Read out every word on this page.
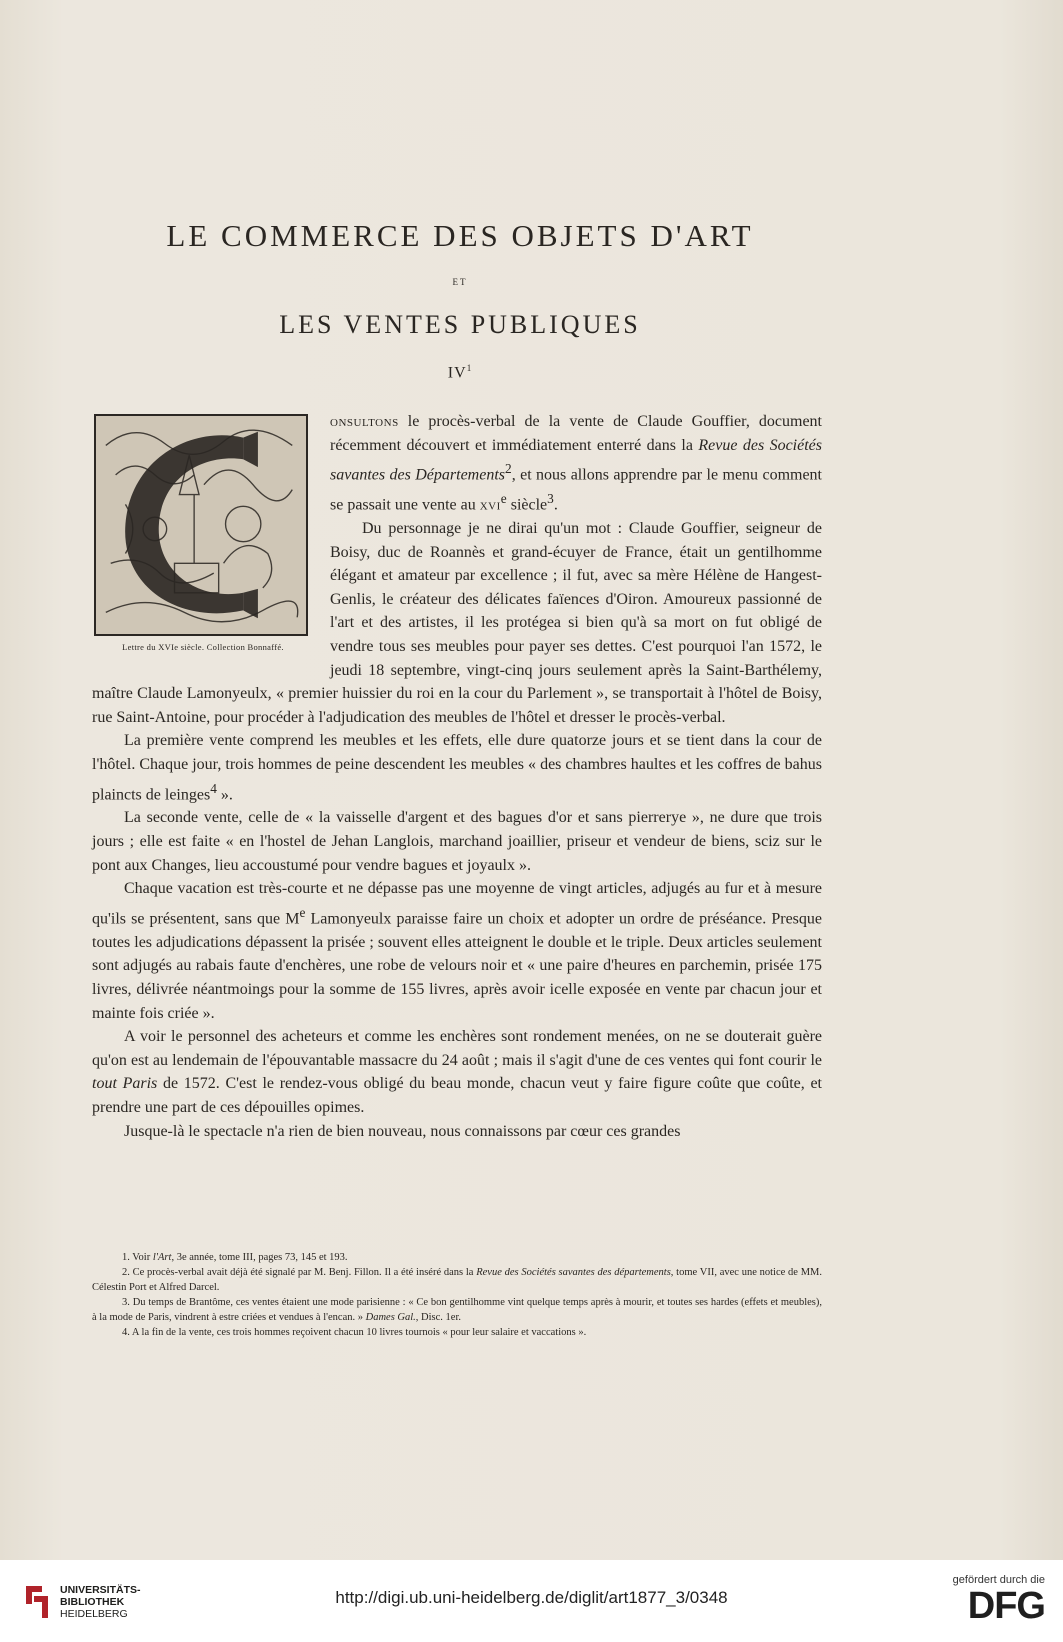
LE COMMERCE DES OBJETS D'ART
ET
LES VENTES PUBLIQUES
$IV^1$
Lettre du XVIe siècle. Collection Bonnaffé.

onsultons le procès-verbal de la vente de Claude Gouffier, document récemment découvert et immédiatement enterré dans la Revue des Sociétés savantes des Départements$^2$, et nous allons apprendre par le menu comment se passait une vente au xvi$^e$ siècle$^3$.

Du personnage je ne dirai qu'un mot : Claude Gouffier, seigneur de Boisy, duc de Roannès et grand-écuyer de France, était un gentilhomme élégant et amateur par excellence ; il fut, avec sa mère Hélène de Hangest-Genlis, le créateur des délicates faïences d'Oiron. Amoureux passionné de l'art et des artistes, il les protégea si bien qu'à sa mort on fut obligé de vendre tous ses meubles pour payer ses dettes. C'est pourquoi l'an 1572, le jeudi 18 septembre, vingt-cinq jours seulement après la Saint-Barthélemy, maître Claude Lamonyeulx, « premier huissier du roi en la cour du Parlement », se transportait à l'hôtel de Boisy, rue Saint-Antoine, pour procéder à l'adjudication des meubles de l'hôtel et dresser le procès-verbal.

La première vente comprend les meubles et les effets, elle dure quatorze jours et se tient dans la cour de l'hôtel. Chaque jour, trois hommes de peine descendent les meubles « des chambres haultes et les coffres de bahus plaincts de leinges$^4$ ».

La seconde vente, celle de « la vaisselle d'argent et des bagues d'or et sans pierrerye », ne dure que trois jours ; elle est faite « en l'hostel de Jehan Langlois, marchand joaillier, priseur et vendeur de biens, sciz sur le pont aux Changes, lieu accoustumé pour vendre bagues et joyaulx ».

Chaque vacation est très-courte et ne dépasse pas une moyenne de vingt articles, adjugés au fur et à mesure qu'ils se présentent, sans que Me Lamonyeulx paraisse faire un choix et adopter un ordre de préséance. Presque toutes les adjudications dépassent la prisée ; souvent elles atteignent le double et le triple. Deux articles seulement sont adjugés au rabais faute d'enchères, une robe de velours noir et « une paire d'heures en parchemin, prisée 175 livres, délivrée néantmoings pour la somme de 155 livres, après avoir icelle exposée en vente par chacun jour et mainte fois criée ».

A voir le personnel des acheteurs et comme les enchères sont rondement menées, on ne se douterait guère qu'on est au lendemain de l'épouvantable massacre du 24 août ; mais il s'agit d'une de ces ventes qui font courir le tout Paris de 1572. C'est le rendez-vous obligé du beau monde, chacun veut y faire figure coûte que coûte, et prendre une part de ces dépouilles opimes.

Jusque-là le spectacle n'a rien de bien nouveau, nous connaissons par cœur ces grandes

1. Voir l'Art, 3e année, tome III, pages 73, 145 et 193.

2. Ce procès-verbal avait déjà été signalé par M. Benj. Fillon. Il a été inséré dans la Revue des Sociétés savantes des départements, tome VII, avec une notice de MM. Célestin Port et Alfred Darcel.

3. Du temps de Brantôme, ces ventes étaient une mode parisienne : « Ce bon gentilhomme vint quelque temps après à mourir, et toutes ses hardes (effets et meubles), à la mode de Paris, vindrent à estre criées et vendues à l'encan. » Dames Gal., Disc. 1er.

4. A la fin de la vente, ces trois hommes reçoivent chacun 10 livres tournois « pour leur salaire et vaccations ».

UNIVERSITÄTS-
BIBLIOTHEK
HEIDELBERG
http://digi.ub.uni-heidelberg.de/diglit/art1877_3/0348
gefördert durch die
DFG
